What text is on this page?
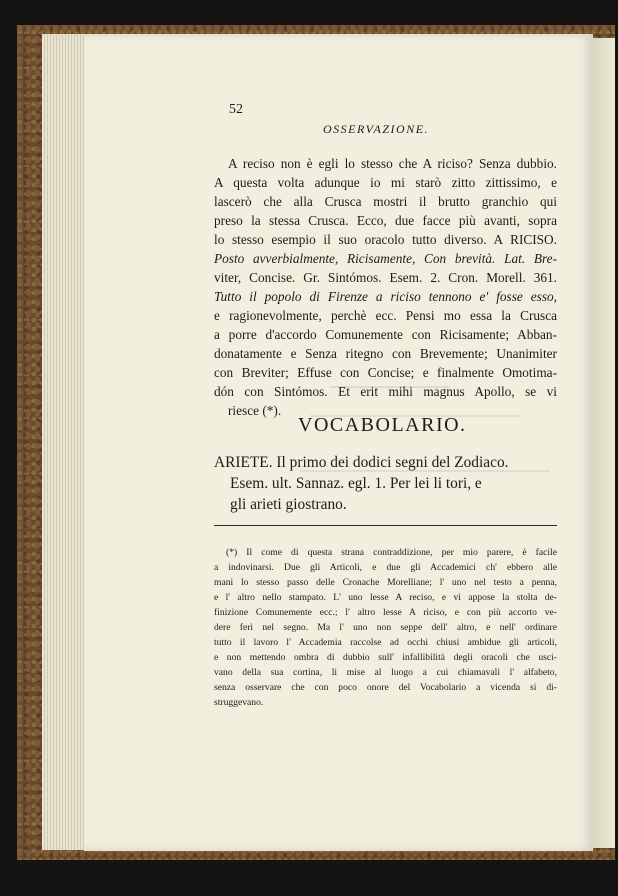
52
OSSERVAZIONE.
A reciso non è egli lo stesso che A riciso? Senza dubbio.
A questa volta adunque io mi starò zitto zittissimo, e
lascerò che alla Crusca mostri il brutto granchio qui
preso la stessa Crusca. Ecco, due facce più avanti, sopra
lo stesso esempio il suo oracolo tutto diverso. A RICISO.
Posto avverbialmente, Ricisamente, Con brevità. Lat. Bre-
viter, Concise. Gr. Sintómos. Esem. 2. Cron. Morell. 361.
Tutto il popolo di Firenze a riciso tennono e' fosse esso,
e ragionevolmente, perchè ecc. Pensi mo essa la Crusca
a porre d'accordo Comunemente con Ricisamente; Abban-
donatamente e Senza ritegno con Brevemente; Unanimiter
con Breviter; Effuse con Concise; e finalmente Omotima-
dón con Sintómos. Et erit mihi magnus Apollo, se vi
riesce (*).
VOCABOLARIO.
ARIETE. Il primo dei dodici segni del Zodiaco.
Esem. ult. Sannaz. egl. 1. Per lei li tori, e
gli arieti giostrano.
(*) Il come di questa strana contraddizione, per mio parere, è facile
a indovinarsi. Due gli Articoli, e due gli Accademici ch' ebbero alle
mani lo stesso passo delle Cronache Morelliane; l' uno nel testo a penna,
e l' altro nello stampato. L' uno lesse A reciso, e vi appose la stolta de-
finizione Comunemente ecc.; l' altro lesse A riciso, e con più accorto ve-
dere ferì nel segno. Ma l' uno non seppe dell' altro, e nell' ordinare
tutto il lavoro l' Accademia raccolse ad occhi chiusi ambidue gli articoli,
e non mettendo ombra di dubbio sull' infallibilità degli oracoli che usci-
vano della sua cortina, li mise al luogo a cui chiamavali l' alfabeto,
senza osservare che con poco onore del Vocabolario a vicenda si di-
struggevano.
